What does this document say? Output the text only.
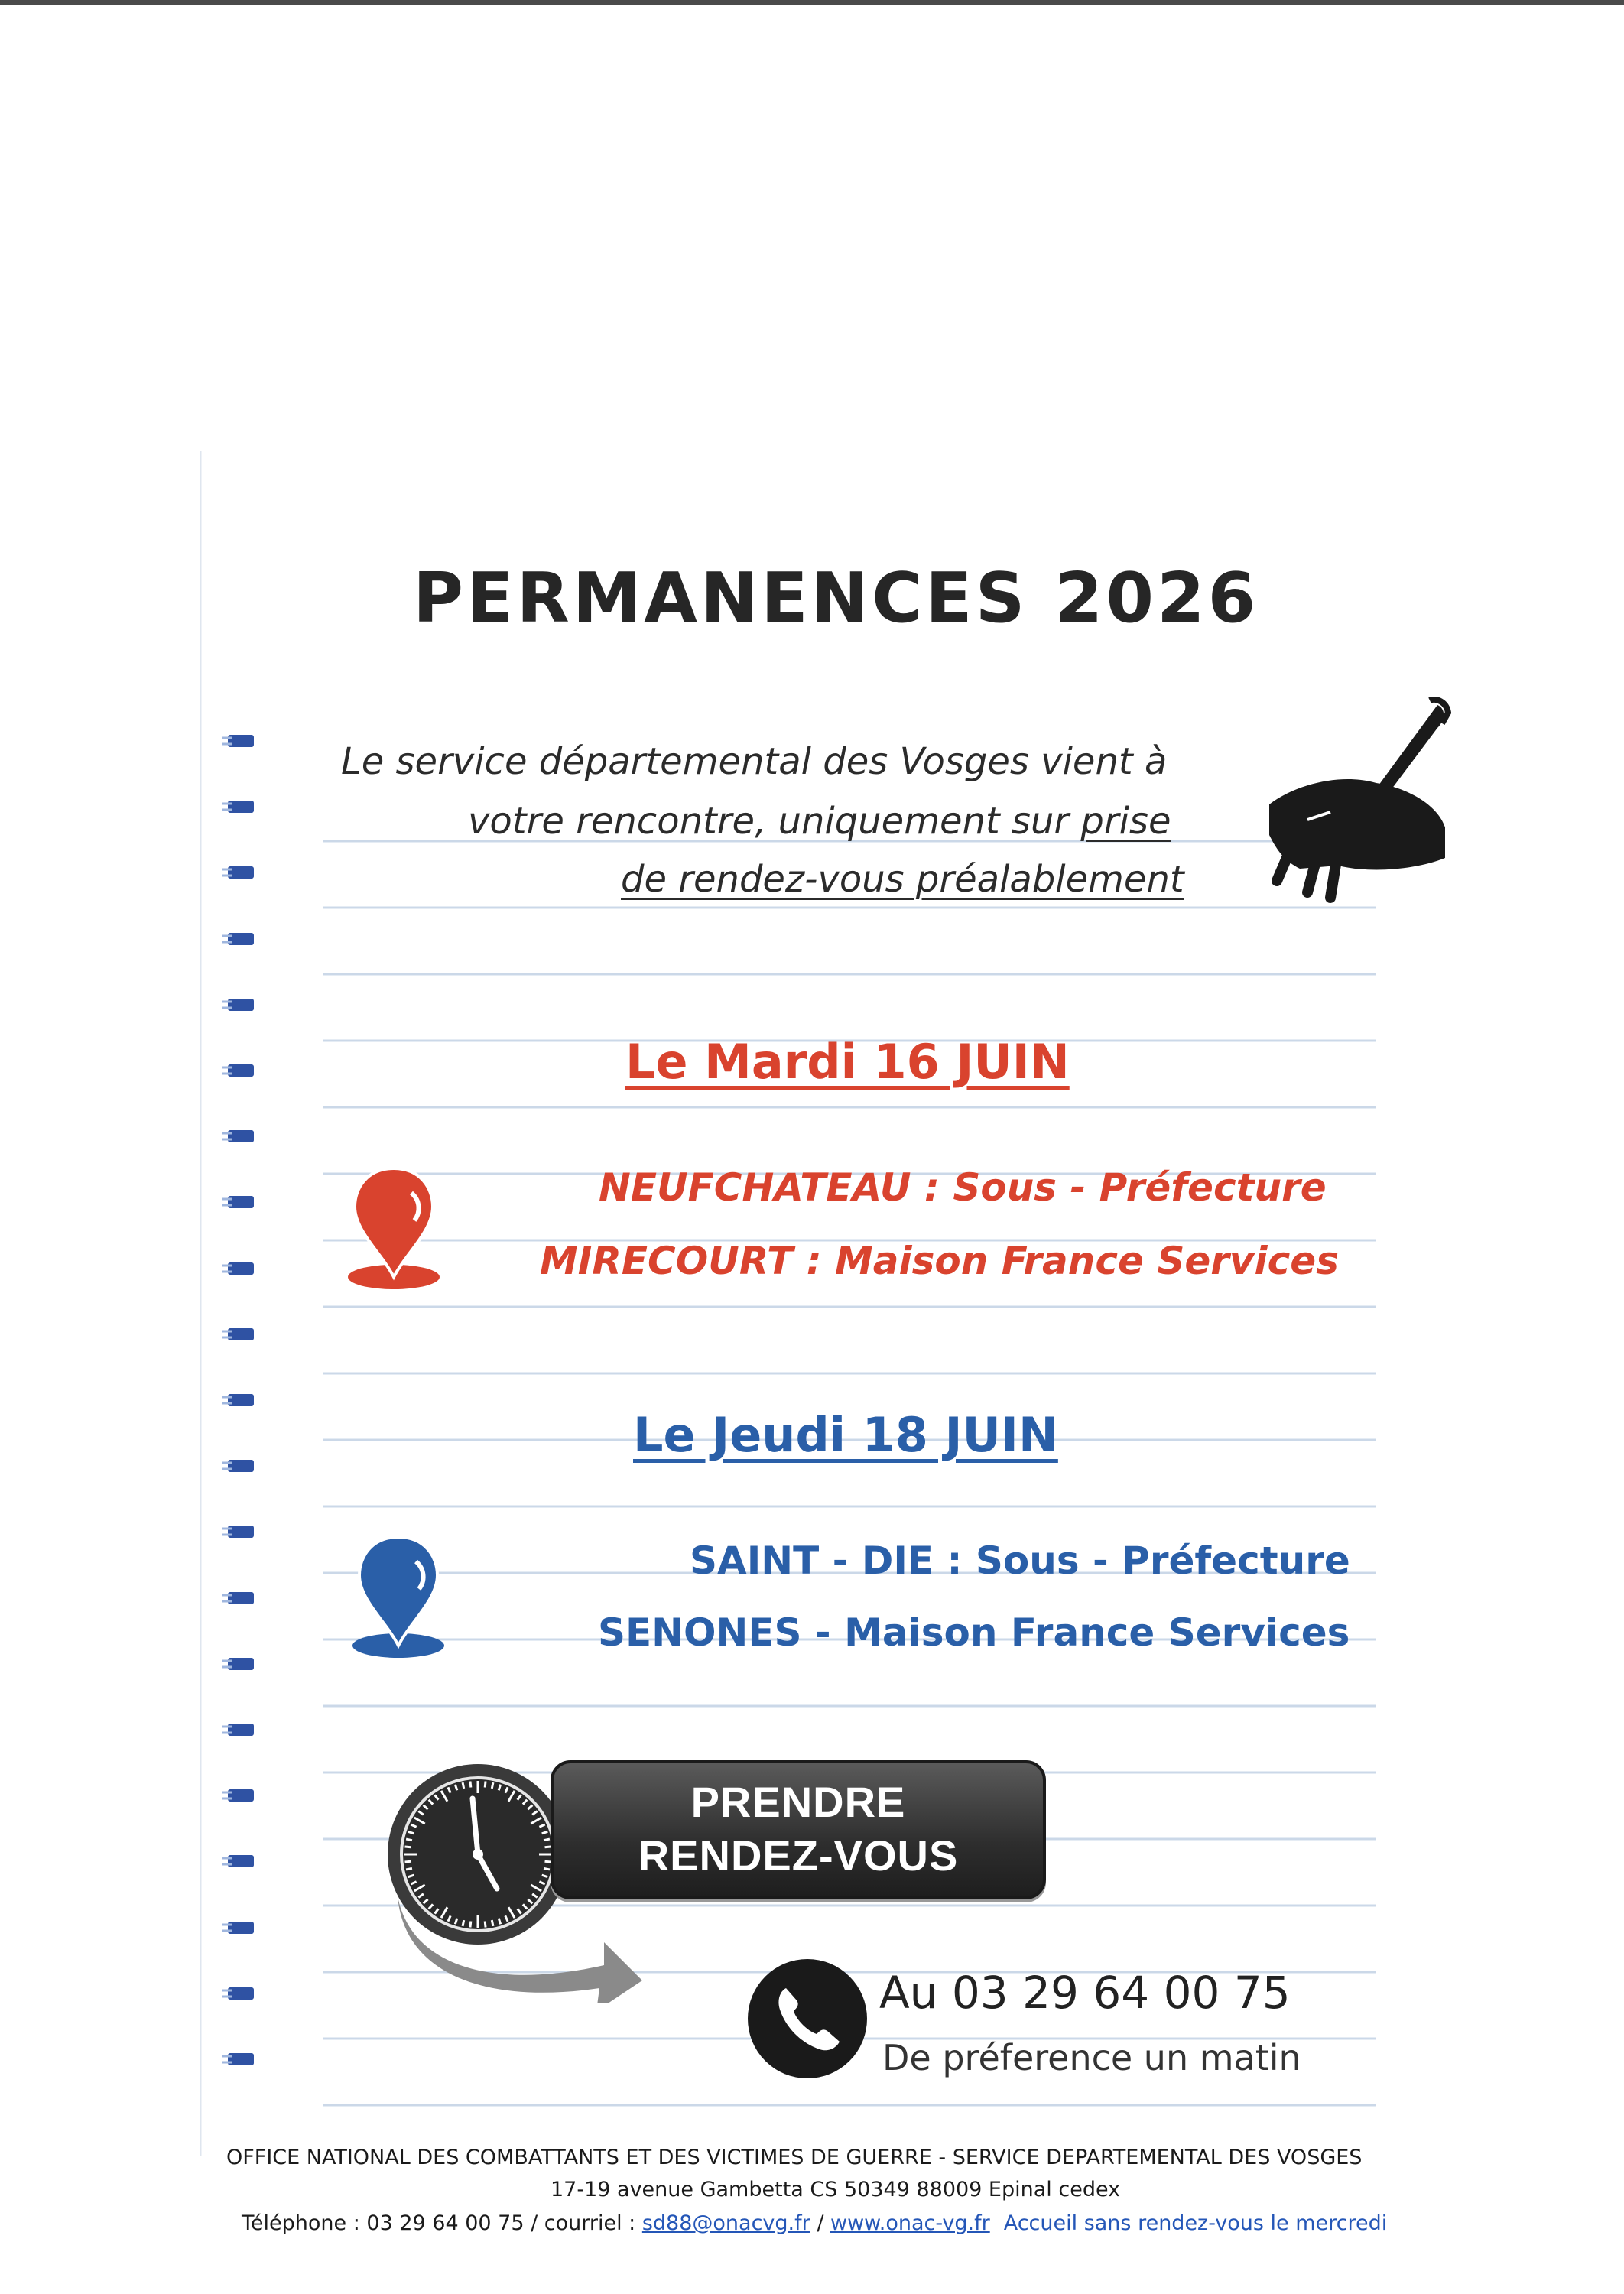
PERMANENCES 2026
Le service départemental des Vosges vient à
votre rencontre, uniquement sur prise
de rendez-vous préalablement
Le Mardi 16 JUIN
NEUFCHATEAU : Sous - Préfecture
MIRECOURT : Maison France Services
Le Jeudi 18 JUIN
SAINT - DIE : Sous - Préfecture
SENONES - Maison France Services
PRENDRE
RENDEZ-VOUS
Au 03 29 64 00 75
De préference un matin
OFFICE NATIONAL DES COMBATTANTS ET DES VICTIMES DE GUERRE - SERVICE DEPARTEMENTAL DES VOSGES
17-19 avenue Gambetta CS 50349 88009 Epinal cedex
Téléphone : 03 29 64 00 75 / courriel : sd88@onacvg.fr / www.onac-vg.fr Accueil sans rendez-vous le mercredi
